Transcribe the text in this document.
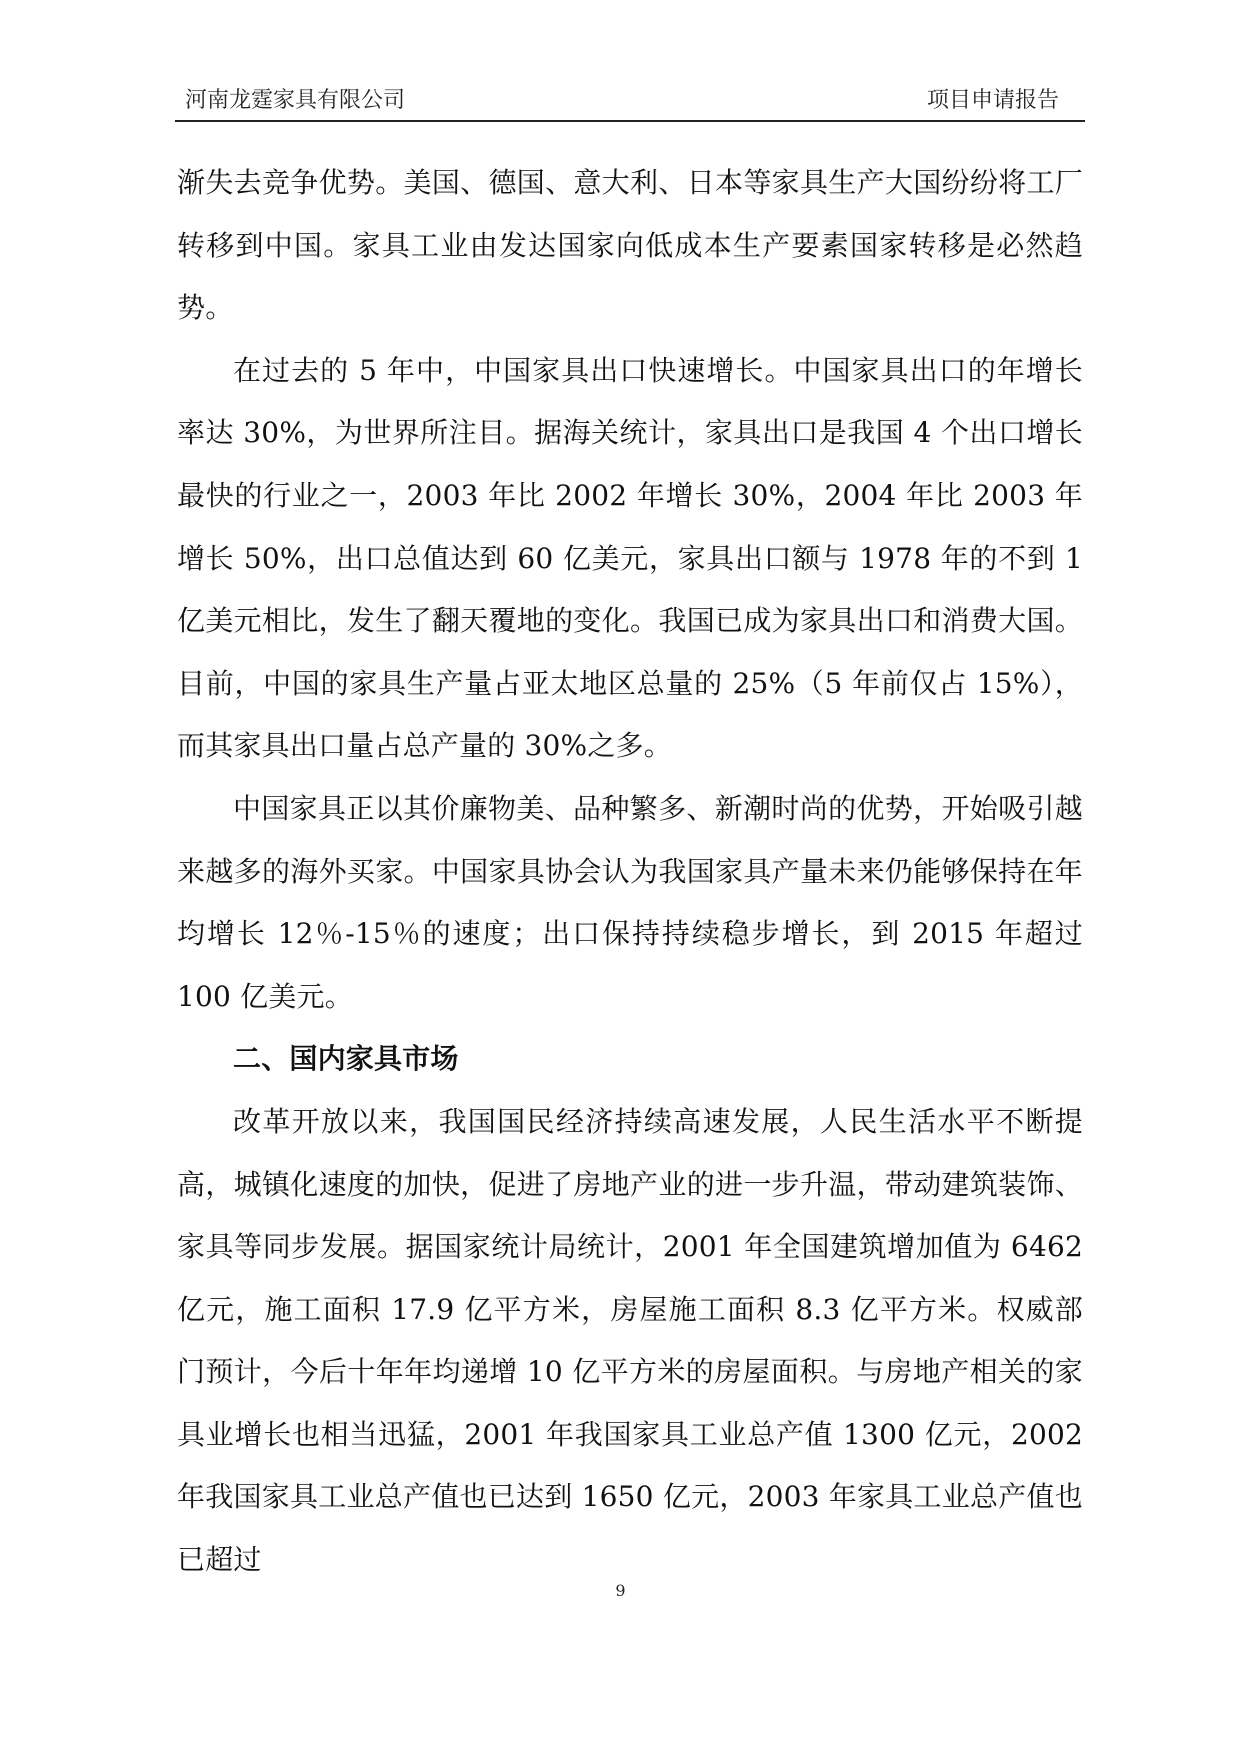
河南龙霆家具有限公司	项目申请报告

渐失去竞争优势。美国、德国、意大利、日本等家具生产大国纷纷将工厂转移到中国。家具工业由发达国家向低成本生产要素国家转移是必然趋势。

在过去的 5 年中，中国家具出口快速增长。中国家具出口的年增长率达 30%，为世界所注目。据海关统计，家具出口是我国 4 个出口增长最快的行业之一，2003 年比 2002 年增长 30%，2004 年比 2003 年增长 50%，出口总值达到 60 亿美元，家具出口额与 1978 年的不到 1 亿美元相比，发生了翻天覆地的变化。我国已成为家具出口和消费大国。目前，中国的家具生产量占亚太地区总量的 25%（5 年前仅占 15%），而其家具出口量占总产量的 30%之多。

中国家具正以其价廉物美、品种繁多、新潮时尚的优势，开始吸引越来越多的海外买家。中国家具协会认为我国家具产量未来仍能够保持在年均增长 12％-15％的速度；出口保持持续稳步增长，到 2015 年超过 100 亿美元。

二、国内家具市场

改革开放以来，我国国民经济持续高速发展，人民生活水平不断提高，城镇化速度的加快，促进了房地产业的进一步升温，带动建筑装饰、家具等同步发展。据国家统计局统计，2001 年全国建筑增加值为 6462 亿元，施工面积 17.9 亿平方米，房屋施工面积 8.3 亿平方米。权威部门预计，今后十年年均递增 10 亿平方米的房屋面积。与房地产相关的家具业增长也相当迅猛，2001 年我国家具工业总产值 1300 亿元，2002 年我国家具工业总产值也已达到 1650 亿元，2003 年家具工业总产值也已超过

9
